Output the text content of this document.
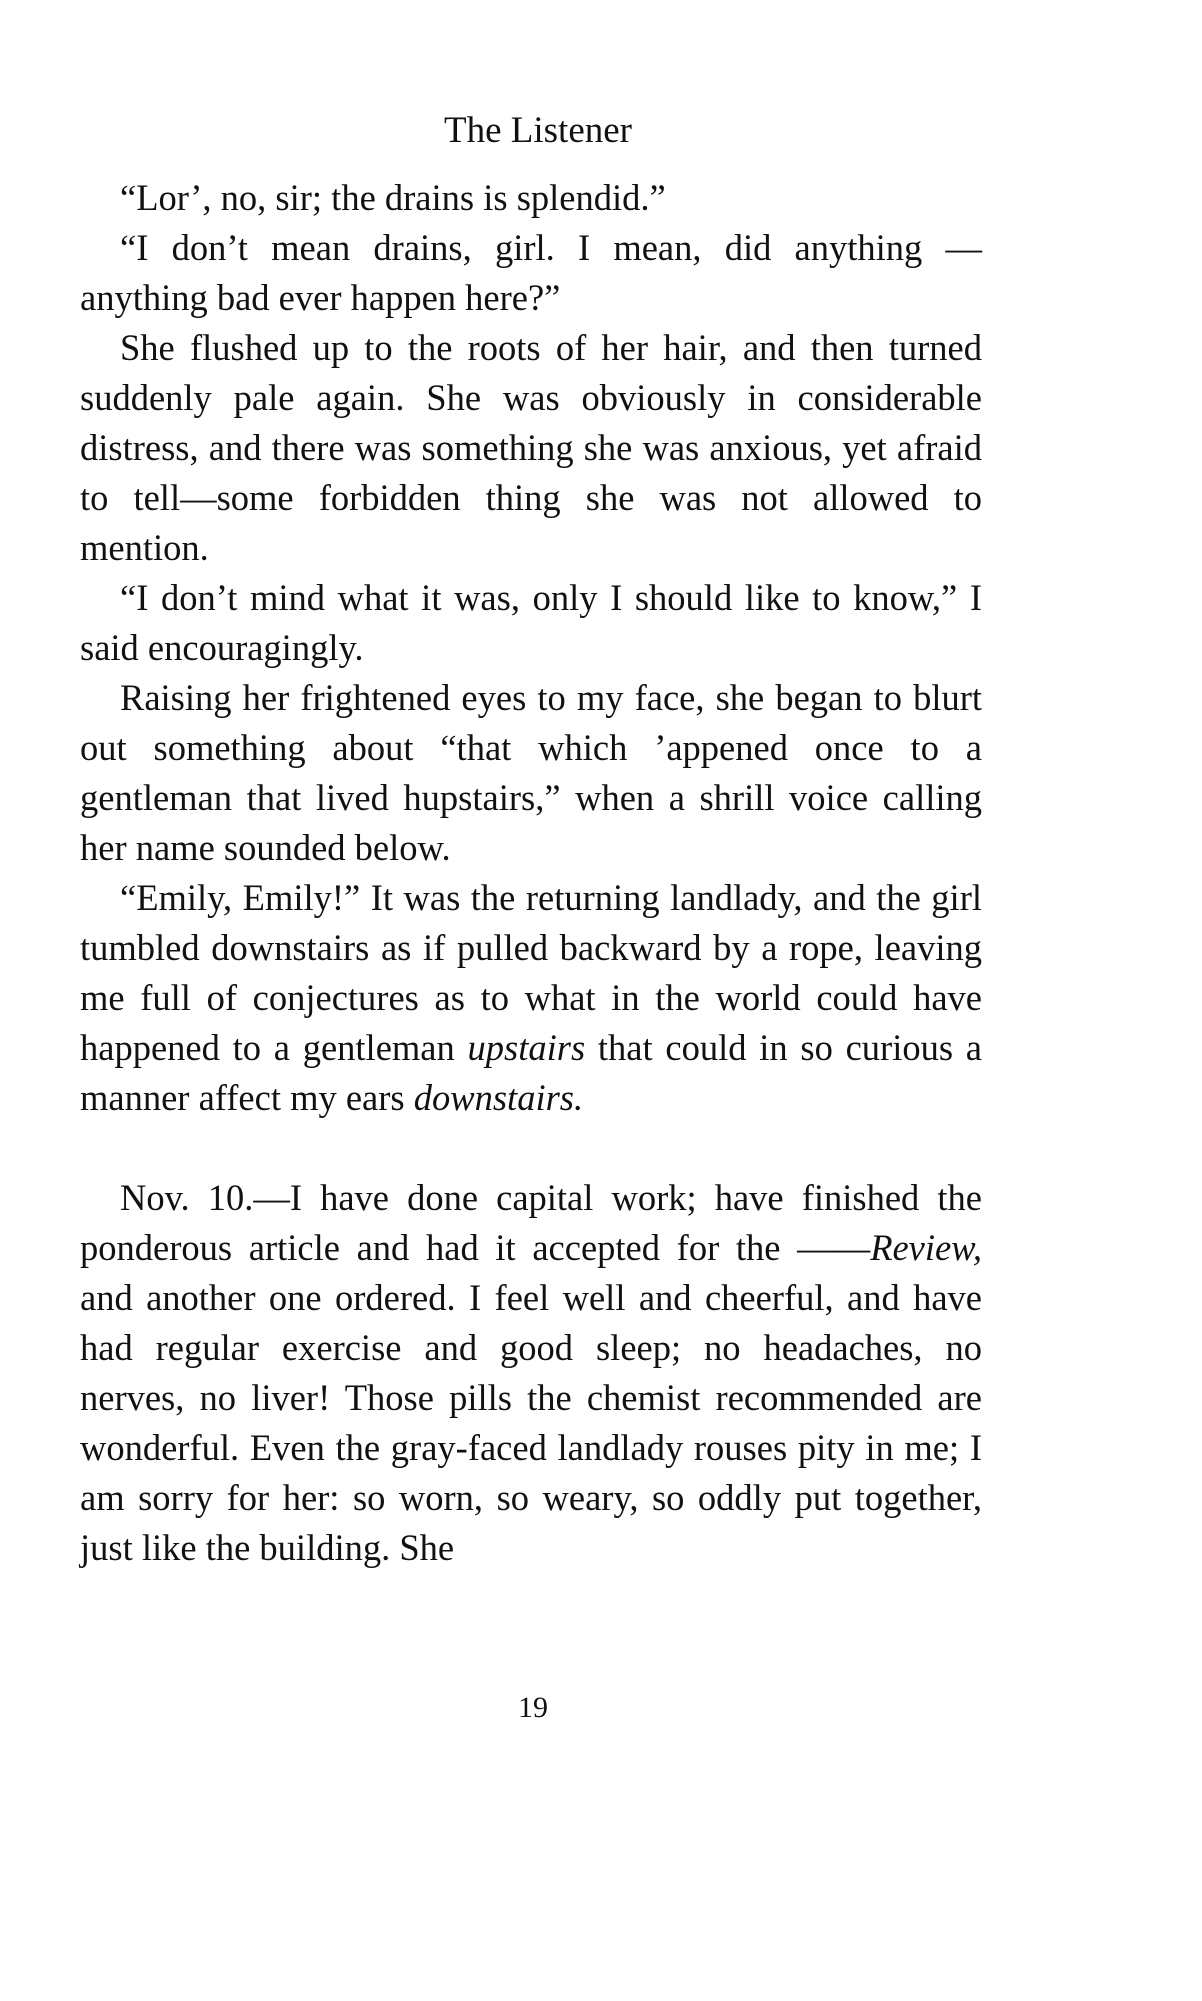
The Listener

“Lor’, no, sir; the drains is splendid.”

“I don’t mean drains, girl. I mean, did anything —anything bad ever happen here?”

She flushed up to the roots of her hair, and then turned suddenly pale again. She was obviously in considerable distress, and there was something she was anxious, yet afraid to tell—some forbidden thing she was not allowed to mention.

“I don’t mind what it was, only I should like to know,” I said encouragingly.

Raising her frightened eyes to my face, she began to blurt out something about “that which ’appened once to a gentleman that lived hupstairs,” when a shrill voice calling her name sounded below.

“Emily, Emily!” It was the returning landlady, and the girl tumbled downstairs as if pulled backward by a rope, leaving me full of conjectures as to what in the world could have happened to a gentleman upstairs that could in so curious a manner affect my ears downstairs.

Nov. 10.—I have done capital work; have finished the ponderous article and had it accepted for the ——Review, and another one ordered. I feel well and cheerful, and have had regular exercise and good sleep; no headaches, no nerves, no liver! Those pills the chemist recommended are wonderful. Even the gray-faced landlady rouses pity in me; I am sorry for her: so worn, so weary, so oddly put together, just like the building. She

19
